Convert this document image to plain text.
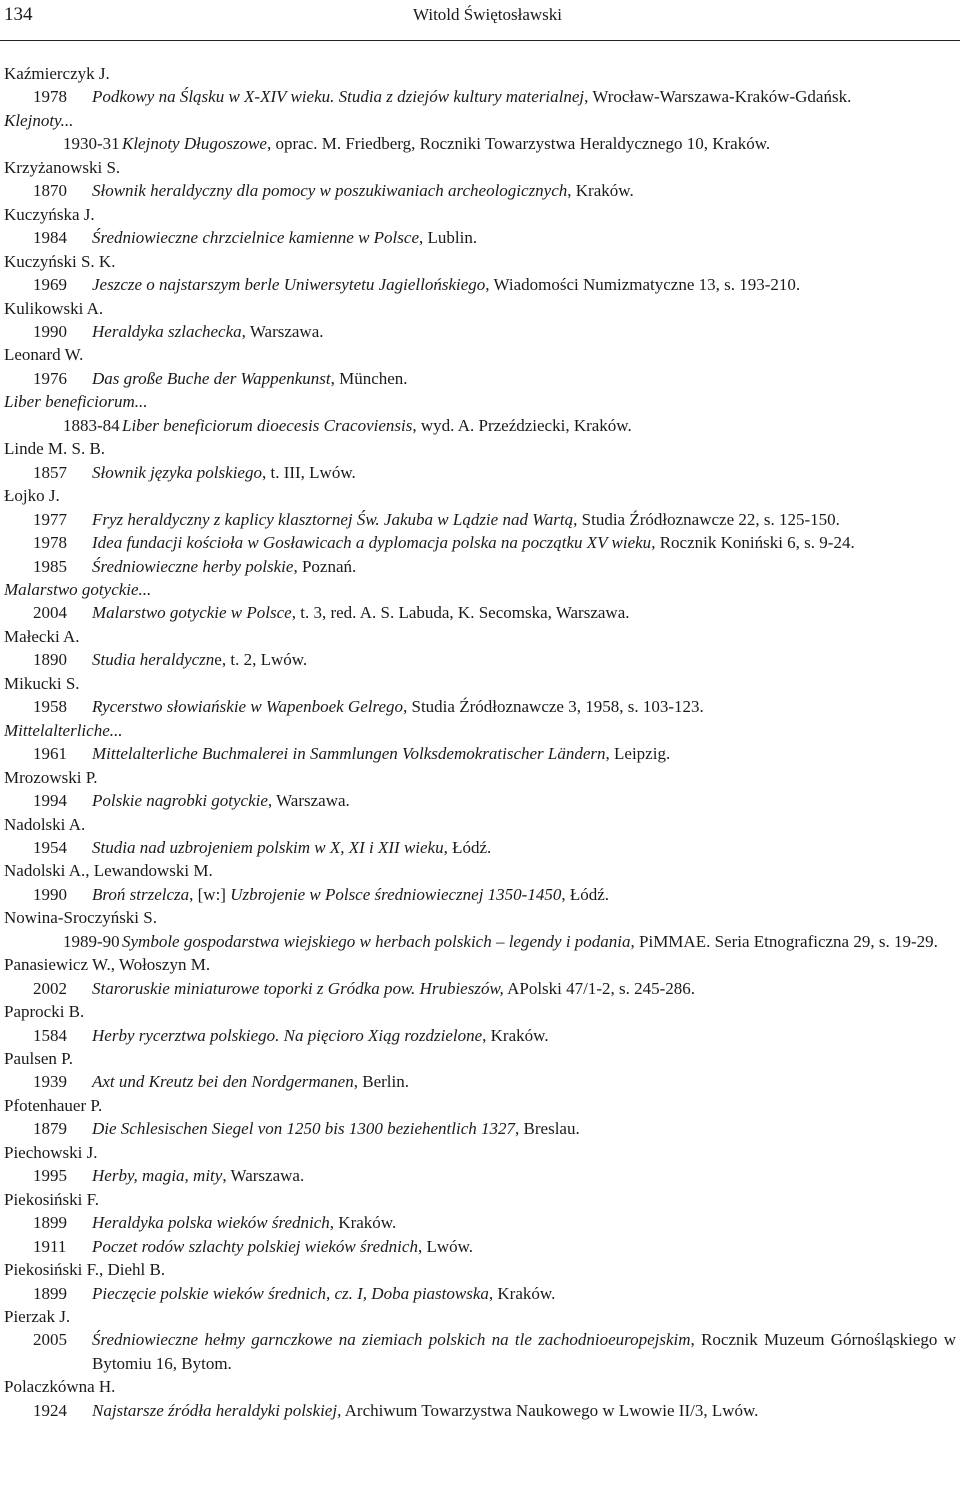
134	Witold Świętosławski
Kaźmierczyk J.
1978 Podkowy na Śląsku w X-XIV wieku. Studia z dziejów kultury materialnej, Wrocław-Warszawa-Kraków-Gdańsk.
Klejnoty...
1930-31 Klejnoty Długoszowe, oprac. M. Friedberg, Roczniki Towarzystwa Heraldycznego 10, Kraków.
Krzyżanowski S.
1870 Słownik heraldyczny dla pomocy w poszukiwaniach archeologicznych, Kraków.
Kuczyńska J.
1984 Średniowieczne chrzcielnice kamienne w Polsce, Lublin.
Kuczyński S. K.
1969 Jeszcze o najstarszym berle Uniwersytetu Jagiellońskiego, Wiadomości Numizmatyczne 13, s. 193-210.
Kulikowski A.
1990 Heraldyka szlachecka, Warszawa.
Leonard W.
1976 Das große Buche der Wappenkunst, München.
Liber beneficiorum...
1883-84 Liber beneficiorum dioecesis Cracoviensis, wyd. A. Przeździecki, Kraków.
Linde M. S. B.
1857 Słownik języka polskiego, t. III, Lwów.
Łojko J.
1977 Fryz heraldyczny z kaplicy klasztornej Św. Jakuba w Lądzie nad Wartą, Studia Źródłoznawcze 22, s. 125-150.
1978 Idea fundacji kościoła w Gosławicach a dyplomacja polska na początku XV wieku, Rocznik Koniński 6, s. 9-24.
1985 Średniowieczne herby polskie, Poznań.
Malarstwo gotyckie...
2004 Malarstwo gotyckie w Polsce, t. 3, red. A. S. Labuda, K. Secomska, Warszawa.
Małecki A.
1890 Studia heraldyczne, t. 2, Lwów.
Mikucki S.
1958 Rycerstwo słowiańskie w Wapenboek Gelrego, Studia Źródłoznawcze 3, 1958, s. 103-123.
Mittelalterliche...
1961 Mittelalterliche Buchmalerei in Sammlungen Volksdemokratischer Ländern, Leipzig.
Mrozowski P.
1994 Polskie nagrobki gotyckie, Warszawa.
Nadolski A.
1954 Studia nad uzbrojeniem polskim w X, XI i XII wieku, Łódź.
Nadolski A., Lewandowski M.
1990 Broń strzelcza, [w:] Uzbrojenie w Polsce średniowiecznej 1350-1450, Łódź.
Nowina-Sroczyński S.
1989-90 Symbole gospodarstwa wiejskiego w herbach polskich – legendy i podania, PiMMAE. Seria Etnograficzna 29, s. 19-29.
Panasiewicz W., Wołoszyn M.
2002 Staroruskie miniaturowe toporki z Gródka pow. Hrubieszów, APolski 47/1-2, s. 245-286.
Paprocki B.
1584 Herby rycerztwa polskiego. Na pięcioro Xiąg rozdzielone, Kraków.
Paulsen P.
1939 Axt und Kreutz bei den Nordgermanen, Berlin.
Pfotenhauer P.
1879 Die Schlesischen Siegel von 1250 bis 1300 beziehentlich 1327, Breslau.
Piechowski J.
1995 Herby, magia, mity, Warszawa.
Piekosiński F.
1899 Heraldyka polska wieków średnich, Kraków.
1911 Poczet rodów szlachty polskiej wieków średnich, Lwów.
Piekosiński F., Diehl B.
1899 Pieczęcie polskie wieków średnich, cz. I, Doba piastowska, Kraków.
Pierzak J.
2005 Średniowieczne hełmy garnczkowe na ziemiach polskich na tle zachodnioeuropejskim, Rocznik Muzeum Górnośląskiego w Bytomiu 16, Bytom.
Polaczkówna H.
1924 Najstarsze źródła heraldyki polskiej, Archiwum Towarzystwa Naukowego w Lwowie II/3, Lwów.
